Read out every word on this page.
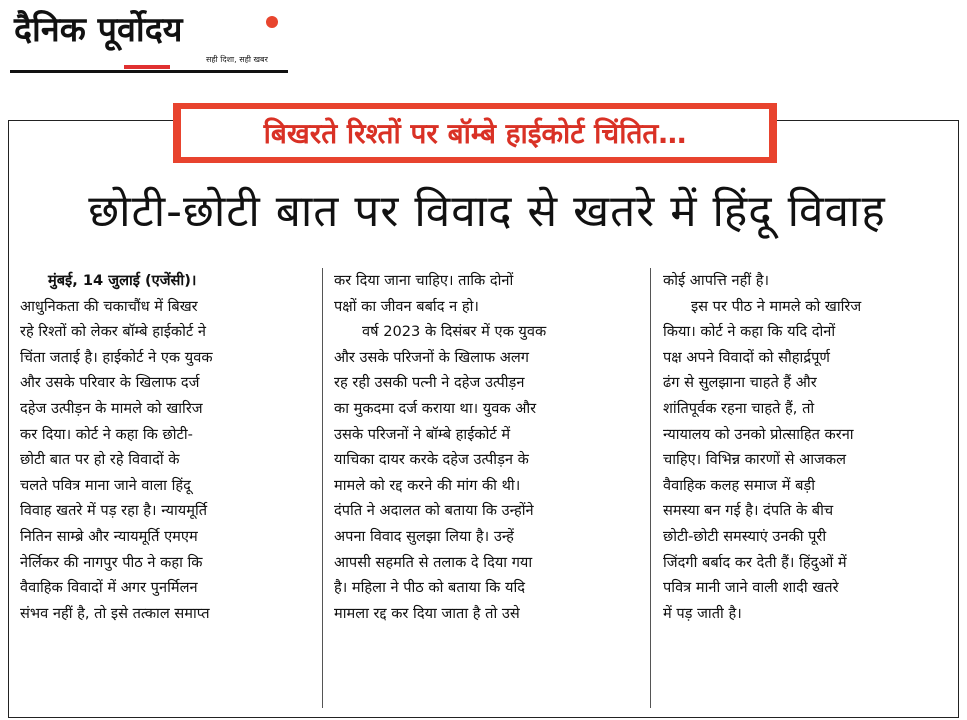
दैनिक पूर्वोदय
सही दिशा, सही खबर
बिखरते रिश्तों पर बॉम्बे हाईकोर्ट चिंतित…
छोटी-छोटी बात पर विवाद से खतरे में हिंदू विवाह
मुंबई, 14 जुलाई (एजेंसी)।
आधुनिकता की चकाचौंध में बिखर
रहे रिश्तों को लेकर बॉम्बे हाईकोर्ट ने
चिंता जताई है। हाईकोर्ट ने एक युवक
और उसके परिवार के खिलाफ दर्ज
दहेज उत्पीड़न के मामले को खारिज
कर दिया। कोर्ट ने कहा कि छोटी-
छोटी बात पर हो रहे विवादों के
चलते पवित्र माना जाने वाला हिंदू
विवाह खतरे में पड़ रहा है। न्यायमूर्ति
नितिन साम्ब्रे और न्यायमूर्ति एमएम
नेर्लिकर की नागपुर पीठ ने कहा कि
वैवाहिक विवादों में अगर पुनर्मिलन
संभव नहीं है, तो इसे तत्काल समाप्त
कर दिया जाना चाहिए। ताकि दोनों
पक्षों का जीवन बर्बाद न हो।
वर्ष 2023 के दिसंबर में एक युवक
और उसके परिजनों के खिलाफ अलग
रह रही उसकी पत्नी ने दहेज उत्पीड़न
का मुकदमा दर्ज कराया था। युवक और
उसके परिजनों ने बॉम्बे हाईकोर्ट में
याचिका दायर करके दहेज उत्पीड़न के
मामले को रद्द करने की मांग की थी।
दंपति ने अदालत को बताया कि उन्होंने
अपना विवाद सुलझा लिया है। उन्हें
आपसी सहमति से तलाक दे दिया गया
है। महिला ने पीठ को बताया कि यदि
मामला रद्द कर दिया जाता है तो उसे
कोई आपत्ति नहीं है।
इस पर पीठ ने मामले को खारिज
किया। कोर्ट ने कहा कि यदि दोनों
पक्ष अपने विवादों को सौहार्द्रपूर्ण
ढंग से सुलझाना चाहते हैं और
शांतिपूर्वक रहना चाहते हैं, तो
न्यायालय को उनको प्रोत्साहित करना
चाहिए। विभिन्न कारणों से आजकल
वैवाहिक कलह समाज में बड़ी
समस्या बन गई है। दंपति के बीच
छोटी-छोटी समस्याएं उनकी पूरी
जिंदगी बर्बाद कर देती हैं। हिंदुओं में
पवित्र मानी जाने वाली शादी खतरे
में पड़ जाती है।
